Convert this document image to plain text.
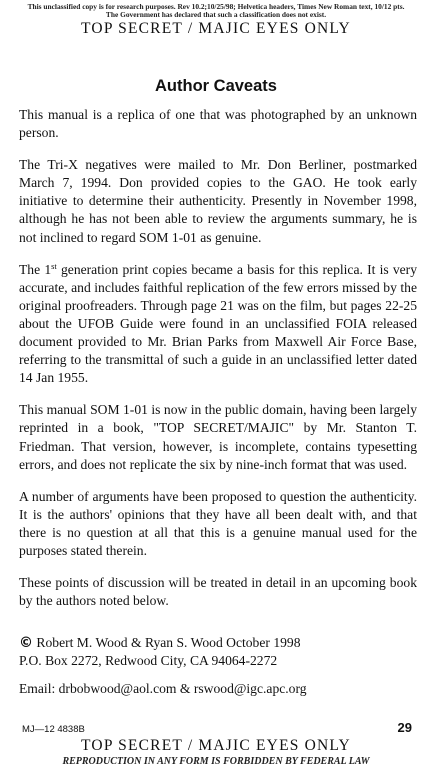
This unclassified copy is for research purposes. Rev 10.2;10/25/98; Helvetica headers, Times New Roman text, 10/12 pts.
The Government has declared that such a classification does not exist.
TOP SECRET / MAJIC EYES ONLY
Author Caveats

This manual is a replica of one that was photographed by an unknown person.

The Tri-X negatives were mailed to Mr. Don Berliner, postmarked March 7, 1994. Don provided copies to the GAO. He took early initiative to determine their authenticity. Presently in November 1998, although he has not been able to review the arguments summary, he is not inclined to regard SOM 1-01 as genuine.

The 1st generation print copies became a basis for this replica. It is very accurate, and includes faithful replication of the few errors missed by the original proofreaders. Through page 21 was on the film, but pages 22-25 about the UFOB Guide were found in an unclassified FOIA released document provided to Mr. Brian Parks from Maxwell Air Force Base, referring to the transmittal of such a guide in an unclassified letter dated 14 Jan 1955.

This manual SOM 1-01 is now in the public domain, having been largely reprinted in a book, "TOP SECRET/MAJIC" by Mr. Stanton T. Friedman. That version, however, is incomplete, contains typesetting errors, and does not replicate the six by nine-inch format that was used.

A number of arguments have been proposed to question the authenticity. It is the authors' opinions that they have all been dealt with, and that there is no question at all that this is a genuine manual used for the purposes stated therein.

These points of discussion will be treated in detail in an upcoming book by the authors noted below.

© Robert M. Wood & Ryan S. Wood October 1998
P.O. Box 2272, Redwood City, CA 94064-2272
Email: drbobwood@aol.com & rswood@igc.apc.org
MJ—12 4838B	29
TOP SECRET / MAJIC EYES ONLY
REPRODUCTION IN ANY FORM IS FORBIDDEN BY FEDERAL LAW
